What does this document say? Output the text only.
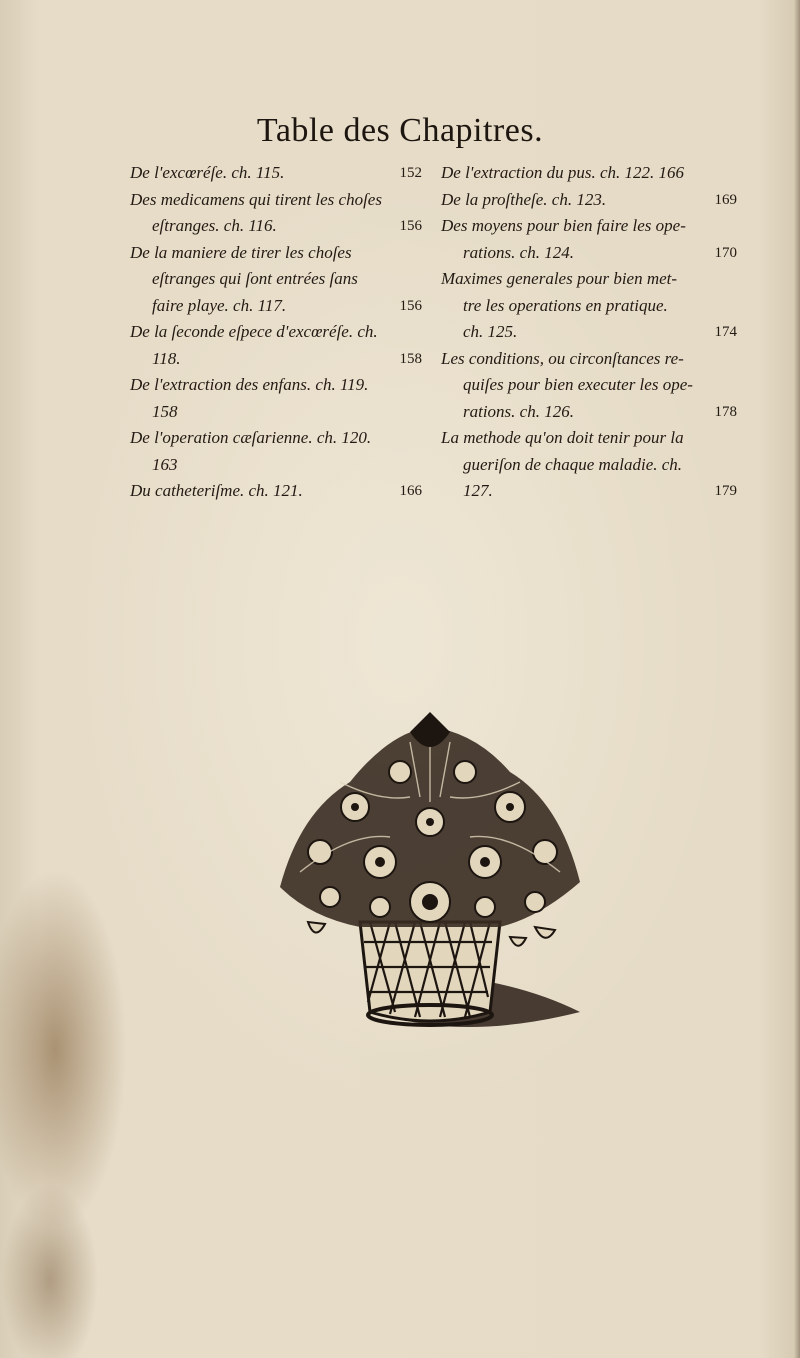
Table des Chapitres.
De l'excœréſe. ch. 115.	152
Des medicamens qui tirent les choſes
eſtranges. ch. 116.	156
De la maniere de tirer les choſes
eſtranges qui ſont entrées ſans
faire playe. ch. 117.	156
De la ſeconde eſpece d'excœréſe. ch.
118.	158
De l'extraction des enfans. ch. 119.
158
De l'operation cæſarienne. ch. 120.
163
Du catheteriſme. ch. 121.	166
De l'extraction du pus. ch. 122. 166
De la proſtheſe. ch. 123.	169
Des moyens pour bien faire les ope-
rations. ch. 124.	170
Maximes generales pour bien met-
tre les operations en pratique.
ch. 125.	174
Les conditions, ou circonſtances re-
quiſes pour bien executer les ope-
rations. ch. 126.	178
La methode qu'on doit tenir pour la
gueriſon de chaque maladie. ch.
127.	179
